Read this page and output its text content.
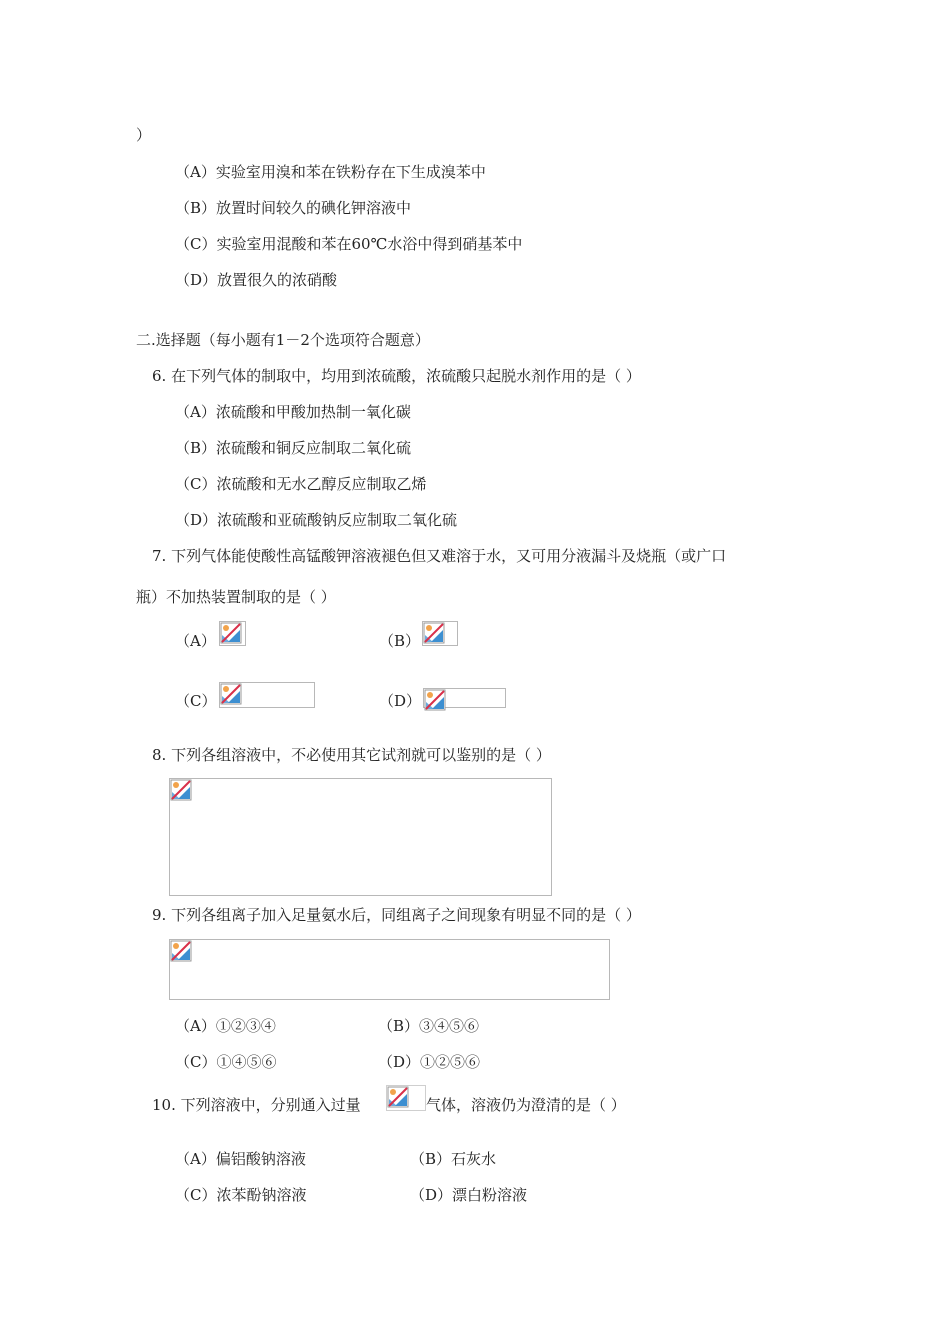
）
（A）实验室用溴和苯在铁粉存在下生成溴苯中
（B）放置时间较久的碘化钾溶液中
（C）实验室用混酸和苯在60℃水浴中得到硝基苯中
（D）放置很久的浓硝酸
二.选择题（每小题有1－2个选项符合题意）
6. 在下列气体的制取中，均用到浓硫酸，浓硫酸只起脱水剂作用的是（ ）
（A）浓硫酸和甲酸加热制一氧化碳
（B）浓硫酸和铜反应制取二氧化硫
（C）浓硫酸和无水乙醇反应制取乙烯
（D）浓硫酸和亚硫酸钠反应制取二氧化硫
7. 下列气体能使酸性高锰酸钾溶液褪色但又难溶于水，又可用分液漏斗及烧瓶（或广口
瓶）不加热装置制取的是（ ）
（A）	（B）
（C）	（D）
8. 下列各组溶液中，不必使用其它试剂就可以鉴别的是（ ）
9. 下列各组离子加入足量氨水后，同组离子之间现象有明显不同的是（ ）
（A）①②③④	（B）③④⑤⑥
（C）①④⑤⑥	（D）①②⑤⑥
10. 下列溶液中，分别通入过量	气体，溶液仍为澄清的是（ ）
（A）偏铝酸钠溶液	（B）石灰水
（C）浓苯酚钠溶液	（D）漂白粉溶液
